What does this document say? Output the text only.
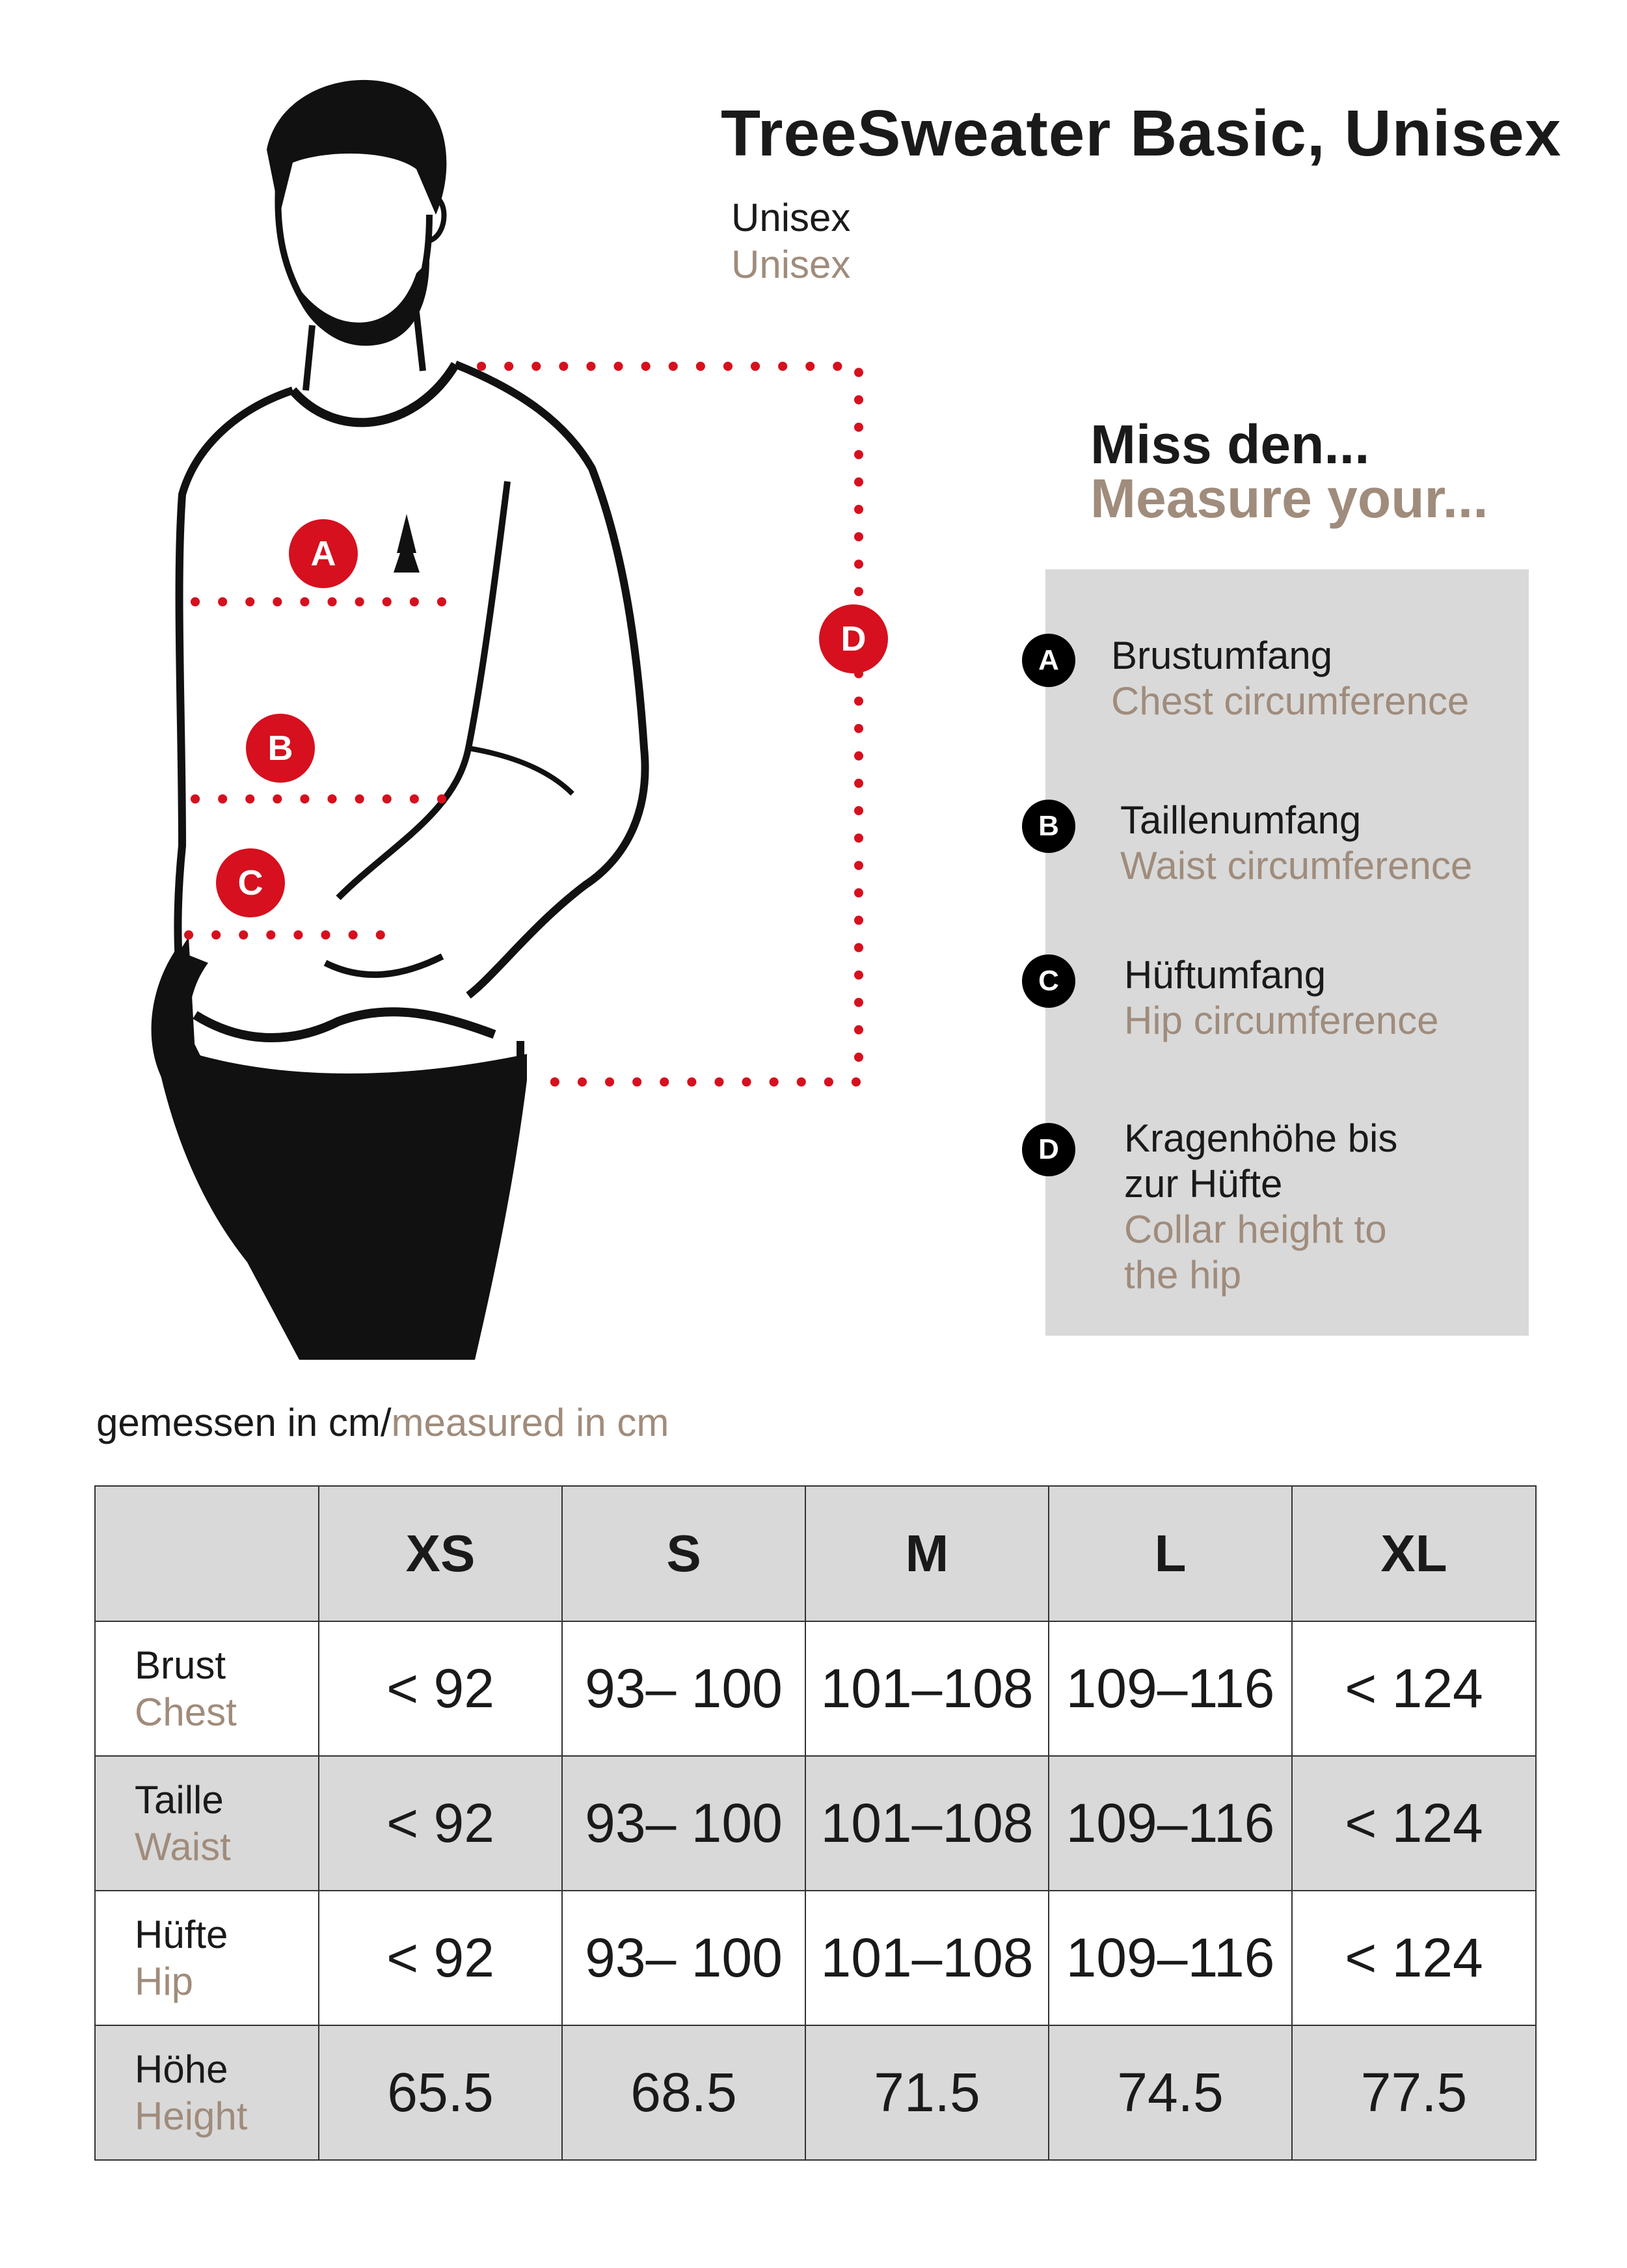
A
B
C
D
TreeSweater Basic, Unisex
Unisex
Unisex
Miss den...
Measure your...
A	Brustumfang
Chest circumference
B	Taillenumfang
Waist circumference
C	Hüftumfang
Hip circumference
D	Kragenhöhe bis
zur Hüfte
Collar height to
the hip
gemessen in cm/measured in cm
	XS	S	M	L	XL

Brust
Chest	< 92	93– 100	101–108	109–116	< 124

Taille
Waist	< 92	93– 100	101–108	109–116	< 124

Hüfte
Hip	< 92	93– 100	101–108	109–116	< 124

Höhe
Height	65.5	68.5	71.5	74.5	77.5
